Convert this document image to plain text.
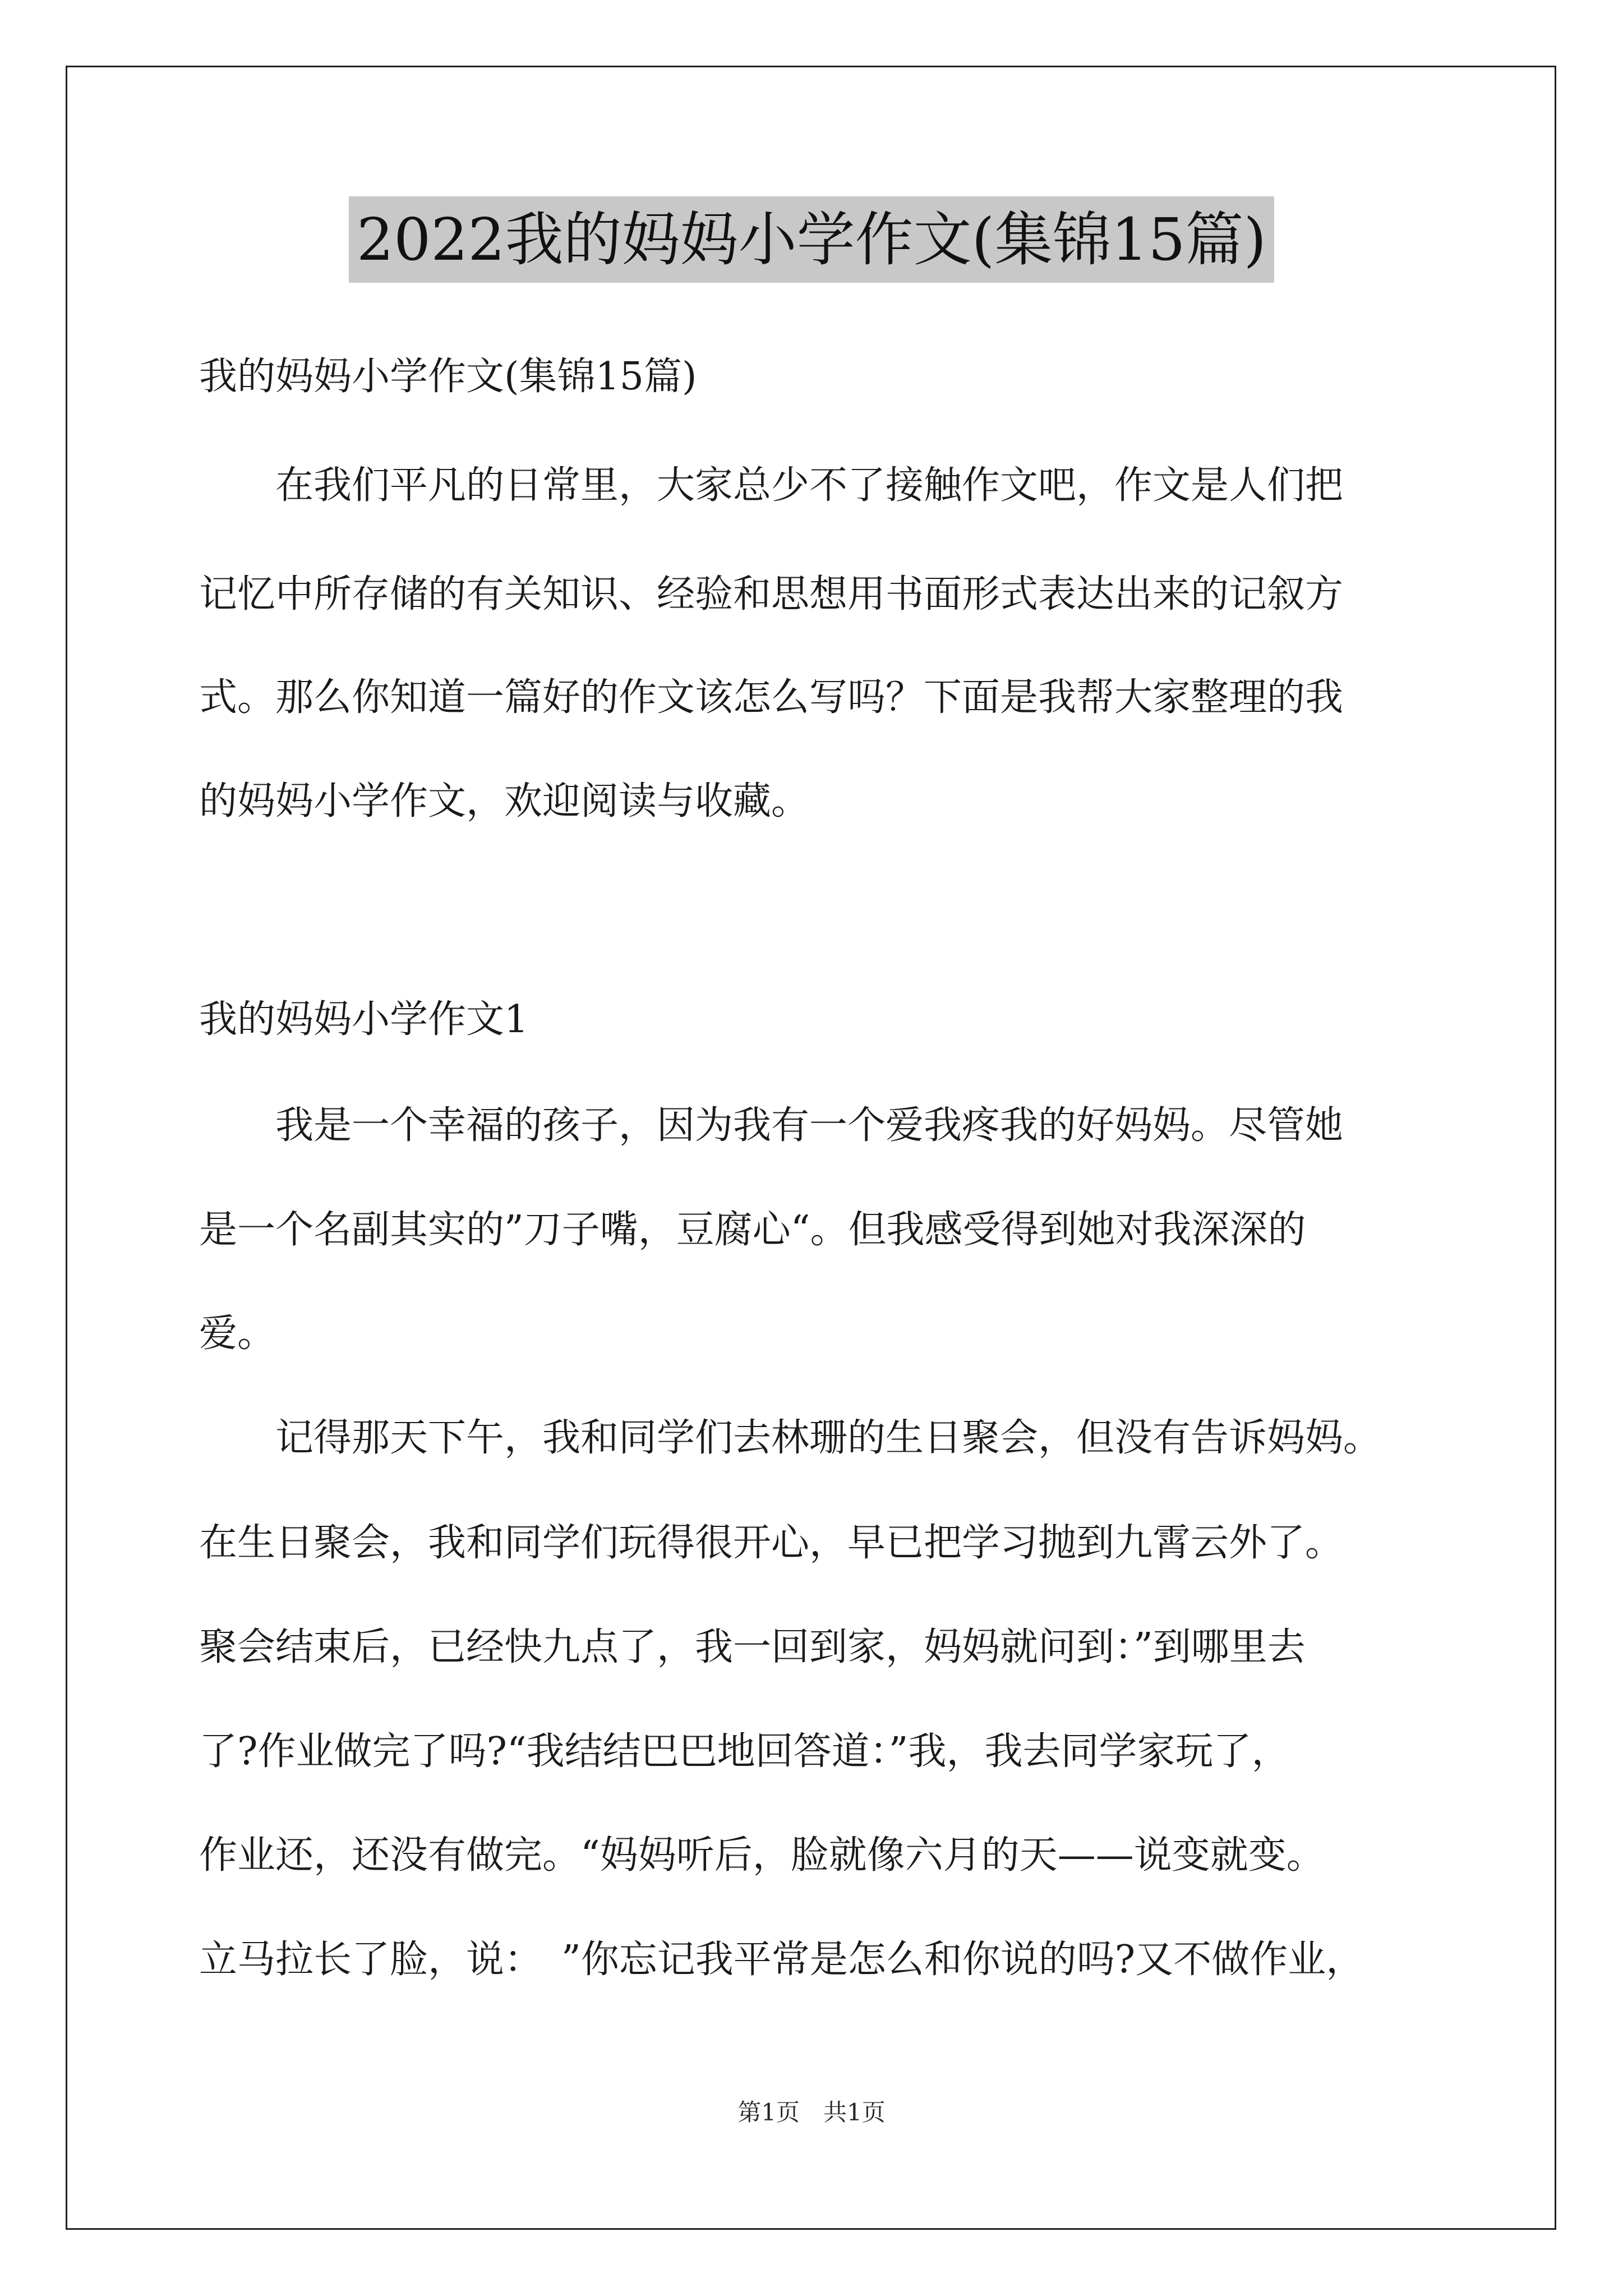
2022我的妈妈小学作文(集锦15篇)
我的妈妈小学作文(集锦15篇)
　　在我们平凡的日常里，大家总少不了接触作文吧，作文是人们把
记忆中所存储的有关知识、经验和思想用书面形式表达出来的记叙方
式。那么你知道一篇好的作文该怎么写吗？下面是我帮大家整理的我
的妈妈小学作文，欢迎阅读与收藏。
我的妈妈小学作文1
　　我是一个幸福的孩子，因为我有一个爱我疼我的好妈妈。尽管她
是一个名副其实的”刀子嘴，豆腐心“。但我感受得到她对我深深的
爱。
　　记得那天下午，我和同学们去林珊的生日聚会，但没有告诉妈妈。
在生日聚会，我和同学们玩得很开心，早已把学习抛到九霄云外了。
聚会结束后，已经快九点了，我一回到家，妈妈就问到：”到哪里去
了?作业做完了吗?“我结结巴巴地回答道：”我，我去同学家玩了，
作业还，还没有做完。“妈妈听后，脸就像六月的天——说变就变。
立马拉长了脸，说：　”你忘记我平常是怎么和你说的吗?又不做作业，
第1页　共1页
